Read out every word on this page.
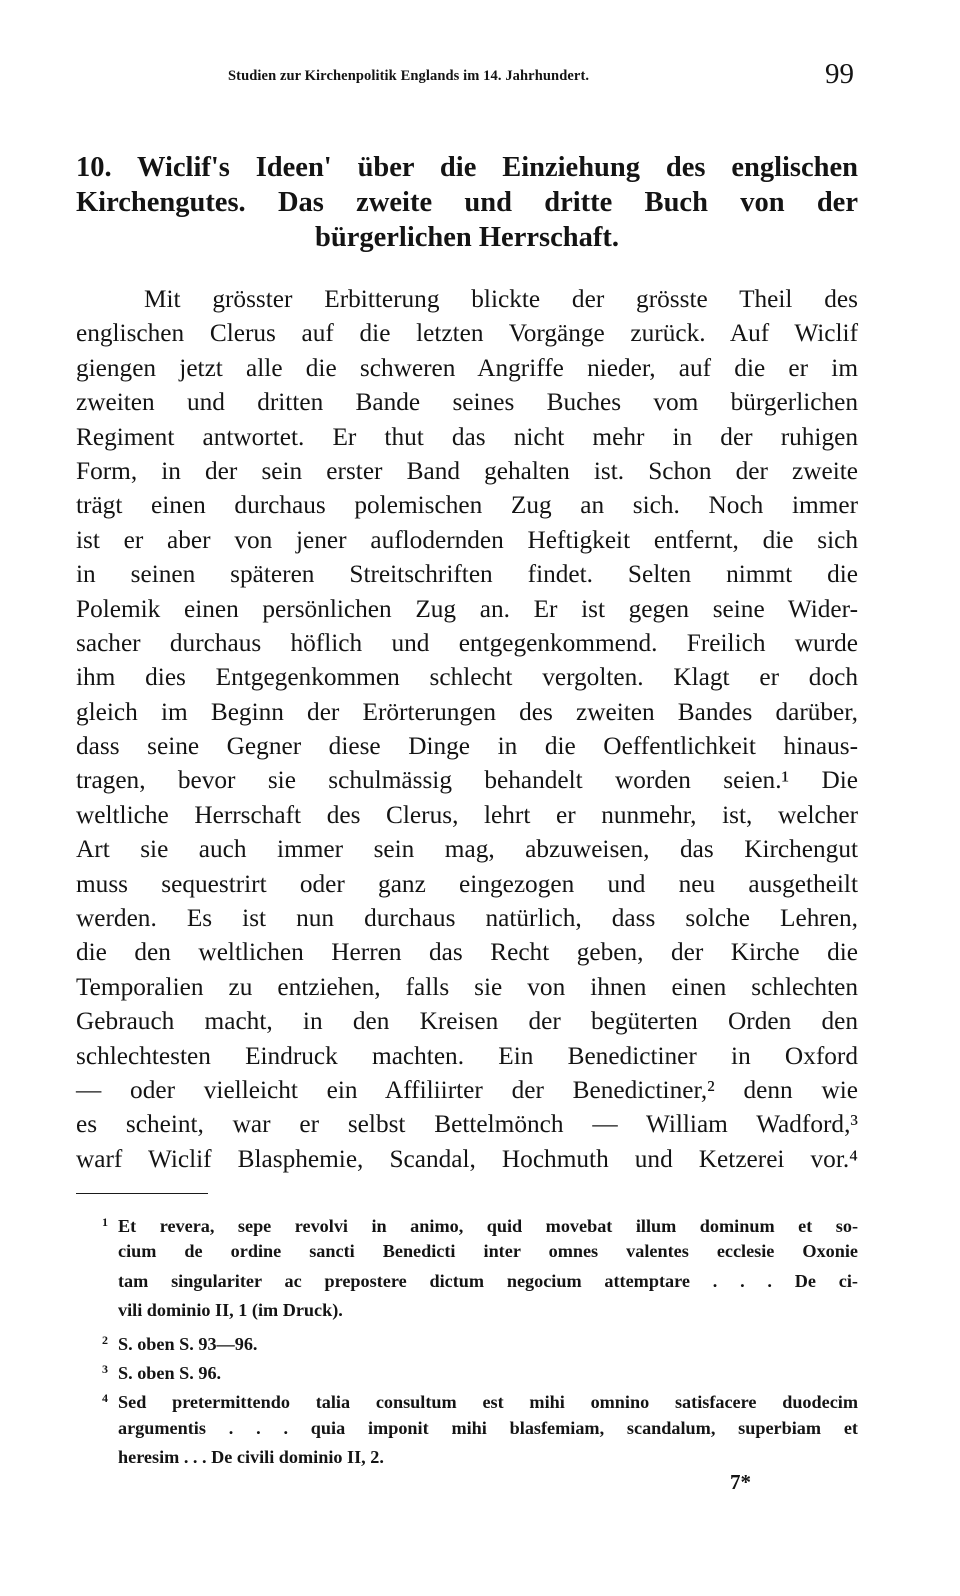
Studien zur Kirchenpolitik Englands im 14. Jahrhundert.	99
10. Wiclif's Ideen' über die Einziehung des englischen
Kirchengutes. Das zweite und dritte Buch von der
bürgerlichen Herrschaft.
Mit grösster Erbitterung blickte der grösste Theil des
englischen Clerus auf die letzten Vorgänge zurück. Auf Wiclif
giengen jetzt alle die schweren Angriffe nieder, auf die er im
zweiten und dritten Bande seines Buches vom bürgerlichen
Regiment antwortet. Er thut das nicht mehr in der ruhigen
Form, in der sein erster Band gehalten ist. Schon der zweite
trägt einen durchaus polemischen Zug an sich. Noch immer
ist er aber von jener auflodernden Heftigkeit entfernt, die sich
in seinen späteren Streitschriften findet. Selten nimmt die
Polemik einen persönlichen Zug an. Er ist gegen seine Wider-
sacher durchaus höflich und entgegenkommend. Freilich wurde
ihm dies Entgegenkommen schlecht vergolten. Klagt er doch
gleich im Beginn der Erörterungen des zweiten Bandes darüber,
dass seine Gegner diese Dinge in die Oeffentlichkeit hinaus-
tragen, bevor sie schulmässig behandelt worden seien.¹ Die
weltliche Herrschaft des Clerus, lehrt er nunmehr, ist, welcher
Art sie auch immer sein mag, abzuweisen, das Kirchengut
muss sequestrirt oder ganz eingezogen und neu ausgetheilt
werden. Es ist nun durchaus natürlich, dass solche Lehren,
die den weltlichen Herren das Recht geben, der Kirche die
Temporalien zu entziehen, falls sie von ihnen einen schlechten
Gebrauch macht, in den Kreisen der begüterten Orden den
schlechtesten Eindruck machten. Ein Benedictiner in Oxford
— oder vielleicht ein Affiliirter der Benedictiner,² denn wie
es scheint, war er selbst Bettelmönch — William Wadford,³
warf Wiclif Blasphemie, Scandal, Hochmuth und Ketzerei vor.⁴
1 Et revera, sepe revolvi in animo, quid movebat illum dominum et so-
cium de ordine sancti Benedicti inter omnes valentes ecclesie Oxonie
tam singulariter ac prepostere dictum negocium attemptare . . . De ci-
vili dominio II, 1 (im Druck).
2 S. oben S. 93—96.
3 S. oben S. 96.
4 Sed pretermittendo talia consultum est mihi omnino satisfacere duodecim
argumentis . . . quia imponit mihi blasfemiam, scandalum, superbiam et
heresim . . . De civili dominio II, 2.
7*
